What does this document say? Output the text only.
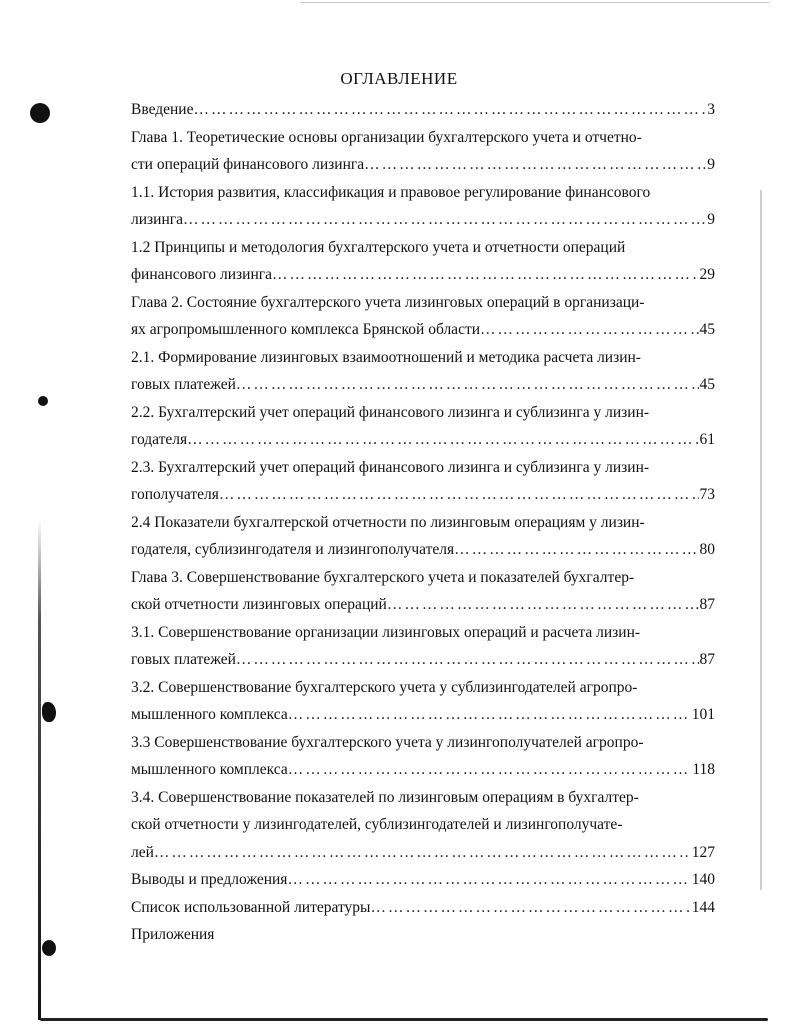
ОГЛАВЛЕНИЕ
Введение ……………………………………………………………………………………………………………………………………………………………………	3
Глава 1. Теоретические основы организации бухгалтерского учета и отчетно-
сти операций финансового лизинга ……………………………………………………………………………………………………………………………………………………………………	9
1.1. История развития, классификация и правовое регулирование финансового
лизинга ……………………………………………………………………………………………………………………………………………………………………	9
1.2 Принципы и методология бухгалтерского учета и отчетности операций
финансового лизинга ……………………………………………………………………………………………………………………………………………………………………	29
Глава 2. Состояние бухгалтерского учета лизинговых операций в организаци-
ях агропромышленного комплекса Брянской области ……………………………………………………………………………………………………………………………………………………………………	45
2.1. Формирование лизинговых взаимоотношений и методика расчета лизин-
говых платежей ……………………………………………………………………………………………………………………………………………………………………	45
2.2. Бухгалтерский учет операций финансового лизинга и сублизинга у лизин-
годателя ……………………………………………………………………………………………………………………………………………………………………	61
2.3. Бухгалтерский учет операций финансового лизинга и сублизинга у лизин-
гополучателя ……………………………………………………………………………………………………………………………………………………………………	73
2.4 Показатели бухгалтерской отчетности по лизинговым операциям у лизин-
годателя, сублизингодателя и лизингополучателя ……………………………………………………………………………………………………………………………………………………………………	80
Глава 3. Совершенствование бухгалтерского учета и показателей бухгалтер-
ской отчетности лизинговых операций ……………………………………………………………………………………………………………………………………………………………………	87
3.1. Совершенствование организации лизинговых операций и расчета лизин-
говых платежей ……………………………………………………………………………………………………………………………………………………………………	87
3.2. Совершенствование бухгалтерского учета у сублизингодателей агропро-
мышленного комплекса ……………………………………………………………………………………………………………………………………………………………………	101
3.3 Совершенствование бухгалтерского учета у лизингополучателей агропро-
мышленного комплекса ……………………………………………………………………………………………………………………………………………………………………	118
3.4. Совершенствование показателей по лизинговым операциям в бухгалтер-
ской отчетности у лизингодателей, сублизингодателей и лизингополучате-
лей ……………………………………………………………………………………………………………………………………………………………………	127
Выводы и предложения ……………………………………………………………………………………………………………………………………………………………………	140
Список использованной литературы ……………………………………………………………………………………………………………………………………………………………………	144
Приложения
